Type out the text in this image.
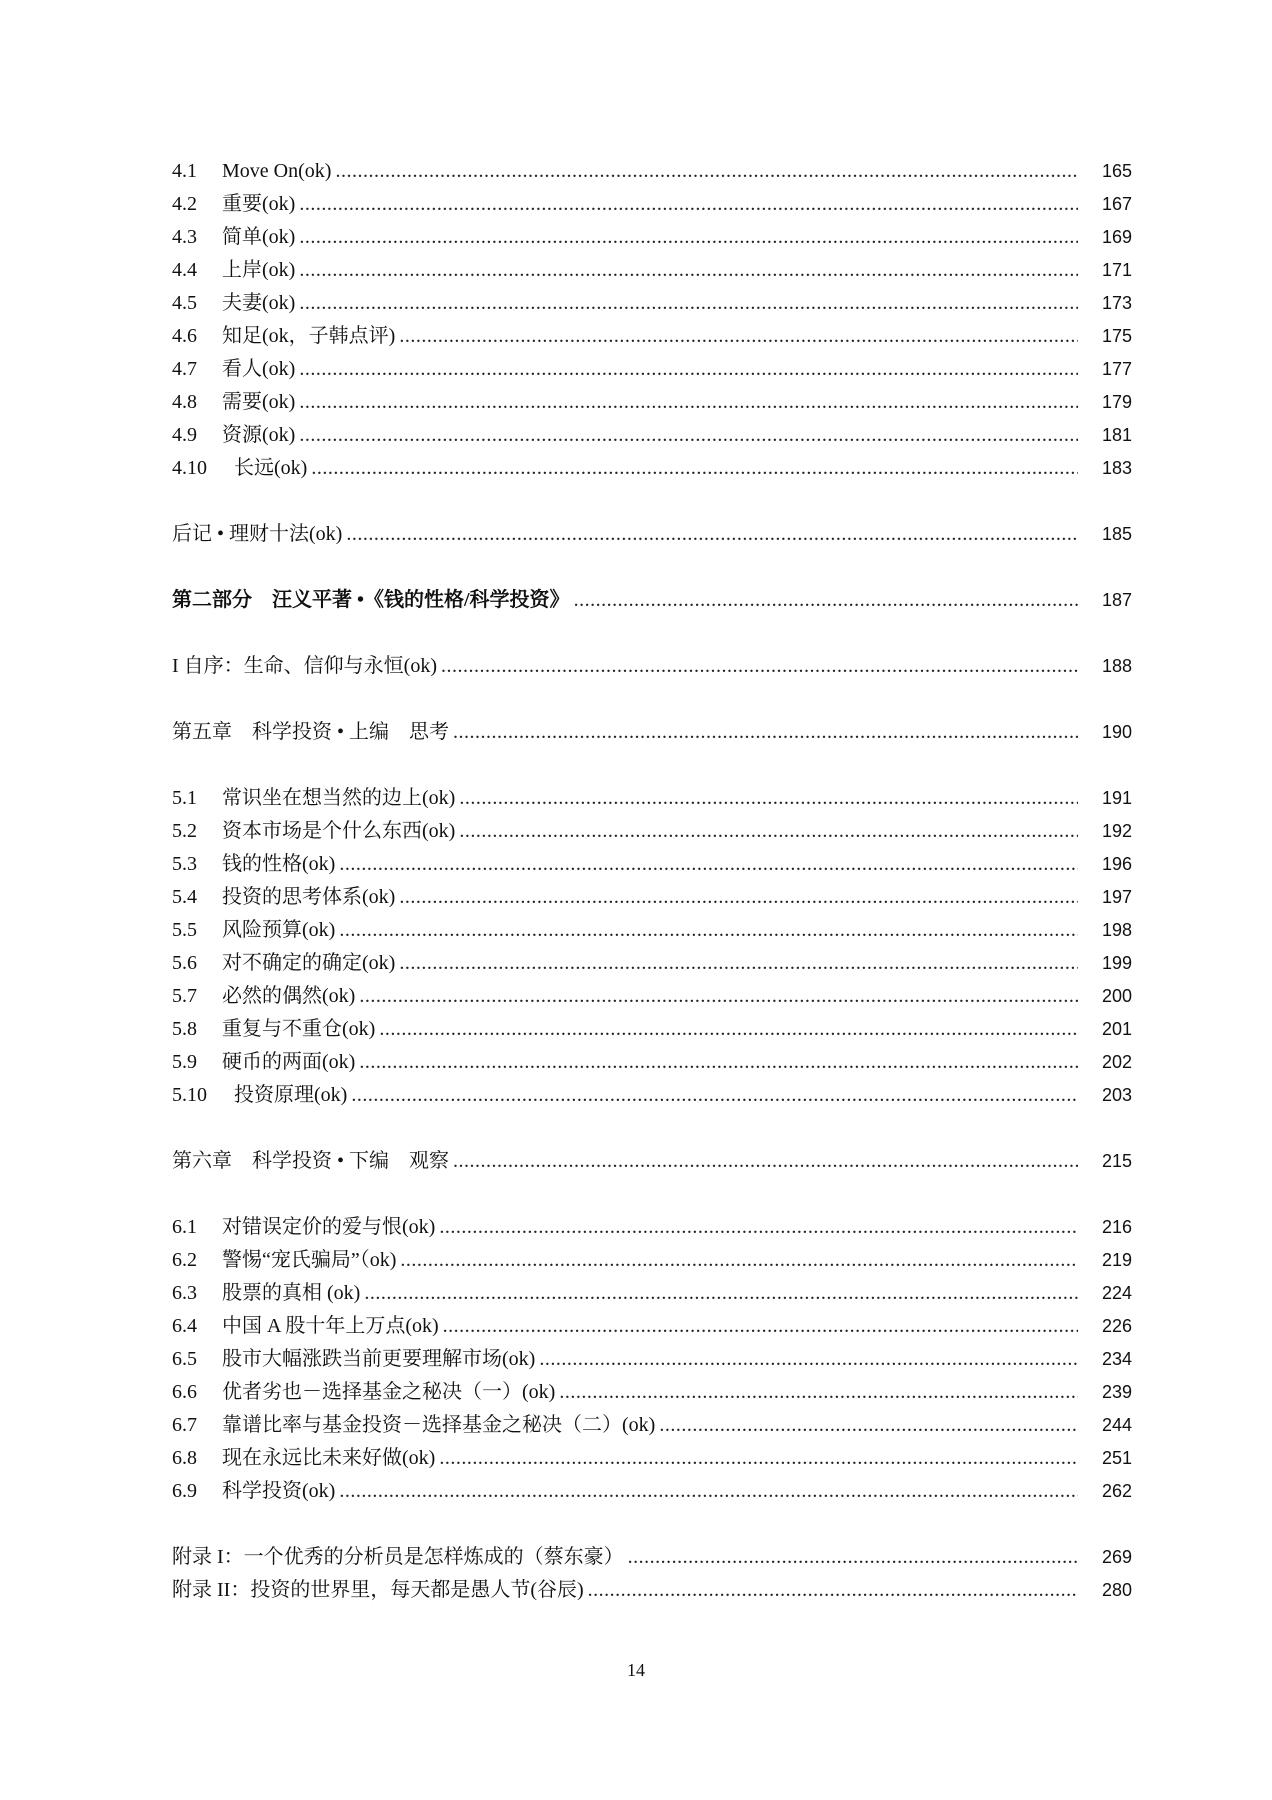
4.1	Move On(ok) .....	165
4.2	重要(ok) .....	167
4.3	简单(ok) .....	169
4.4	上岸(ok) .....	171
4.5	夫妻(ok) .....	173
4.6	知足(ok，子韩点评) .....	175
4.7	看人(ok) .....	177
4.8	需要(ok) .....	179
4.9	资源(ok) .....	181
4.10	长远(ok) .....	183
后记 • 理财十法(ok) .....	185
第二部分　汪义平著 •《钱的性格/科学投资》 .....	187
I 自序：生命、信仰与永恒(ok) .....	188
第五章　科学投资 • 上编　思考 .....	190
5.1	常识坐在想当然的边上(ok) .....	191
5.2	资本市场是个什么东西(ok) .....	192
5.3	钱的性格(ok) .....	196
5.4	投资的思考体系(ok) .....	197
5.5	风险预算(ok) .....	198
5.6	对不确定的确定(ok) .....	199
5.7	必然的偶然(ok) .....	200
5.8	重复与不重仓(ok) .....	201
5.9	硬币的两面(ok) .....	202
5.10	投资原理(ok) .....	203
第六章　科学投资 • 下编　观察 .....	215
6.1	对错误定价的爱与恨(ok) .....	216
6.2	警惕“宠氏骗局”（ok) .....	219
6.3	股票的真相 (ok) .....	224
6.4	中国 A 股十年上万点(ok) .....	226
6.5	股市大幅涨跌当前更要理解市场(ok) .....	234
6.6	优者劣也－选择基金之秘决（一）(ok) .....	239
6.7	靠谱比率与基金投资－选择基金之秘决（二）(ok) .....	244
6.8	现在永远比未来好做(ok) .....	251
6.9	科学投资(ok) .....	262
附录 I：一个优秀的分析员是怎样炼成的（蔡东豪） .....	269
附录 II：投资的世界里，每天都是愚人节(谷辰) .....	280
14
